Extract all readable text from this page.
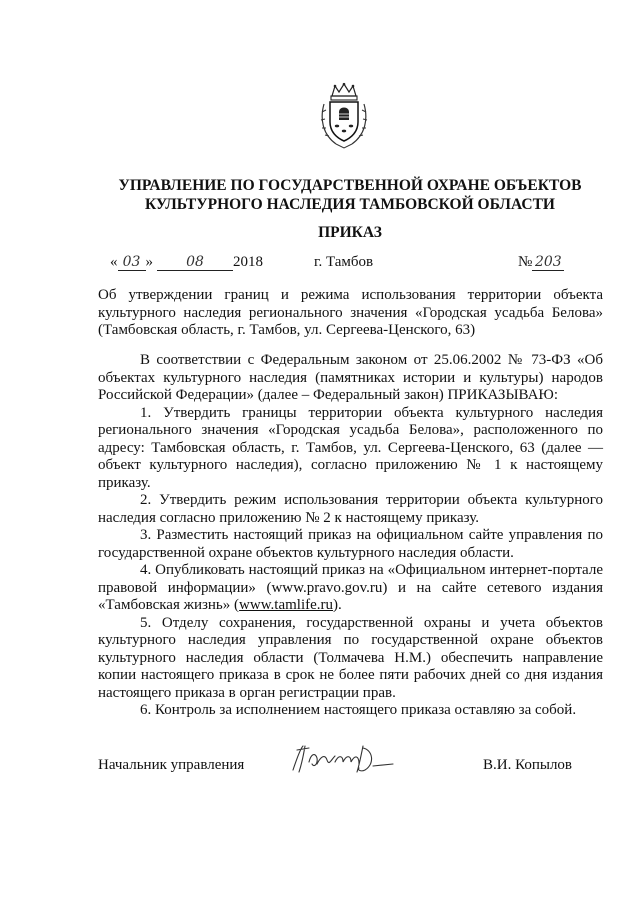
УПРАВЛЕНИЕ ПО ГОСУДАРСТВЕННОЙ ОХРАНЕ ОБЪЕКТОВ
КУЛЬТУРНОГО НАСЛЕДИЯ ТАМБОВСКОЙ ОБЛАСТИ
ПРИКАЗ
« 03 » 08 2018	г. Тамбов	№ 203
Об утверждении границ и режима использования территории объекта культурного наследия регионального значения «Городская усадьба Белова» (Тамбовская область, г. Тамбов, ул. Сергеева-Ценского, 63)

В соответствии с Федеральным законом от 25.06.2002 № 73-ФЗ «Об объектах культурного наследия (памятниках истории и культуры) народов Российской Федерации» (далее – Федеральный закон) ПРИКАЗЫВАЮ:

1. Утвердить границы территории объекта культурного наследия регионального значения «Городская усадьба Белова», расположенного по адресу: Тамбовская область, г. Тамбов, ул. Сергеева-Ценского, 63 (далее — объект культурного наследия), согласно приложению № 1 к настоящему приказу.

2. Утвердить режим использования территории объекта культурного наследия согласно приложению № 2 к настоящему приказу.

3. Разместить настоящий приказ на официальном сайте управления по государственной охране объектов культурного наследия области.

4. Опубликовать настоящий приказ на «Официальном интернет-портале правовой информации» (www.pravo.gov.ru) и на сайте сетевого издания «Тамбовская жизнь» (www.tamlife.ru).

5. Отделу сохранения, государственной охраны и учета объектов культурного наследия управления по государственной охране объектов культурного наследия области (Толмачева Н.М.) обеспечить направление копии настоящего приказа в срок не более пяти рабочих дней со дня издания настоящего приказа в орган регистрации прав.

6. Контроль за исполнением настоящего приказа оставляю за собой.

Начальник управления	В.И. Копылов
